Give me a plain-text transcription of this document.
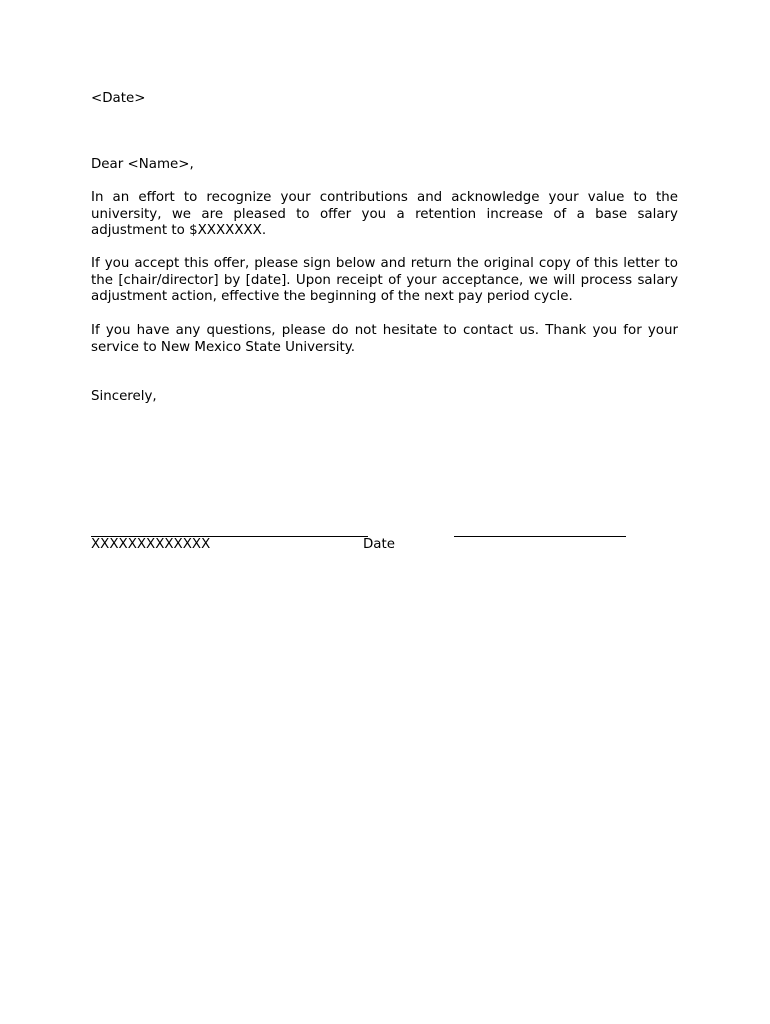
<Date>

Dear <Name>,

In an effort to recognize your contributions and acknowledge your value to the university, we are pleased to offer you a retention increase of a base salary adjustment to $XXXXXXX.

If you accept this offer, please sign below and return the original copy of this letter to the [chair/director] by [date]. Upon receipt of your acceptance, we will process salary adjustment action, effective the beginning of the next pay period cycle.

If you have any questions, please do not hesitate to contact us. Thank you for your service to New Mexico State University.

Sincerely,

XXXXXXXXXXXXX	Date
